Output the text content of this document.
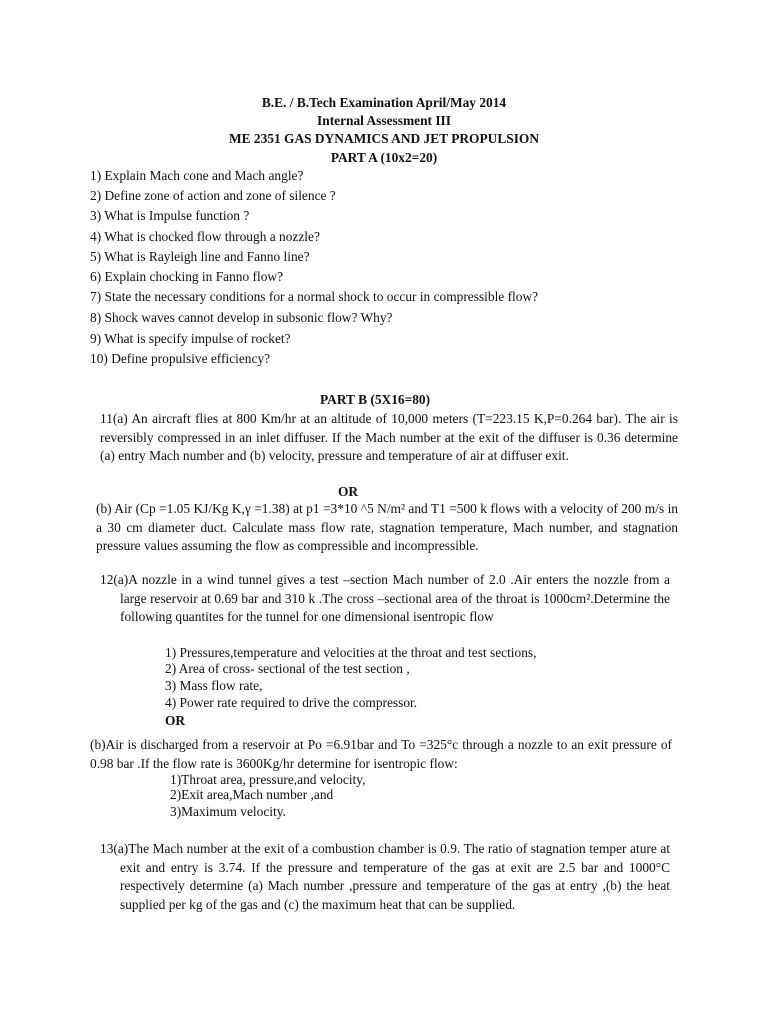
B.E. / B.Tech Examination April/May 2014
Internal Assessment III
ME 2351 GAS DYNAMICS AND JET PROPULSION
PART A (10x2=20)
1) Explain Mach cone and Mach angle?
2) Define zone of action and zone of silence ?
3) What is Impulse function ?
4) What is chocked flow through a nozzle?
5) What is Rayleigh line and Fanno line?
6) Explain chocking in Fanno flow?
7) State the necessary conditions for a normal shock to occur in compressible flow?
8) Shock waves cannot develop in subsonic flow? Why?
9) What is specify impulse of rocket?
10) Define propulsive efficiency?
PART B (5X16=80)
11(a) An aircraft flies at 800 Km/hr at an altitude of 10,000 meters (T=223.15 K,P=0.264 bar). The air is reversibly compressed in an inlet diffuser. If the Mach number at the exit of the diffuser is 0.36 determine (a) entry Mach number and (b) velocity, pressure and temperature of air at diffuser exit.
OR
(b) Air (Cp =1.05 KJ/Kg K,γ =1.38) at p1 =3*10 ^5 N/m² and T1 =500 k flows with a velocity of 200 m/s in a 30 cm diameter duct. Calculate mass flow rate, stagnation temperature, Mach number, and stagnation pressure values assuming the flow as compressible and incompressible.
12(a)A nozzle in a wind tunnel gives a test –section Mach number of 2.0 .Air enters the nozzle from a large reservoir at 0.69 bar and 310 k .The cross –sectional area of the throat is 1000cm².Determine the following quantites for the tunnel for one dimensional isentropic flow
1) Pressures,temperature and velocities at the throat and test sections,
2) Area of cross- sectional of the test section ,
3) Mass flow rate,
4) Power rate required to drive the compressor.
OR
(b)Air is discharged from a reservoir at Po =6.91bar and To =325°c through a nozzle to an exit pressure of 0.98 bar .If the flow rate is 3600Kg/hr determine for isentropic flow:
1)Throat area, pressure,and velocity,
2)Exit area,Mach number ,and
3)Maximum velocity.
13(a)The Mach number at the exit of a combustion chamber is 0.9. The ratio of stagnation temper ature at exit and entry is 3.74. If the pressure and temperature of the gas at exit are 2.5 bar and 1000°C respectively determine (a) Mach number ,pressure and temperature of the gas at entry ,(b) the heat supplied per kg of the gas and (c) the maximum heat that can be supplied.
